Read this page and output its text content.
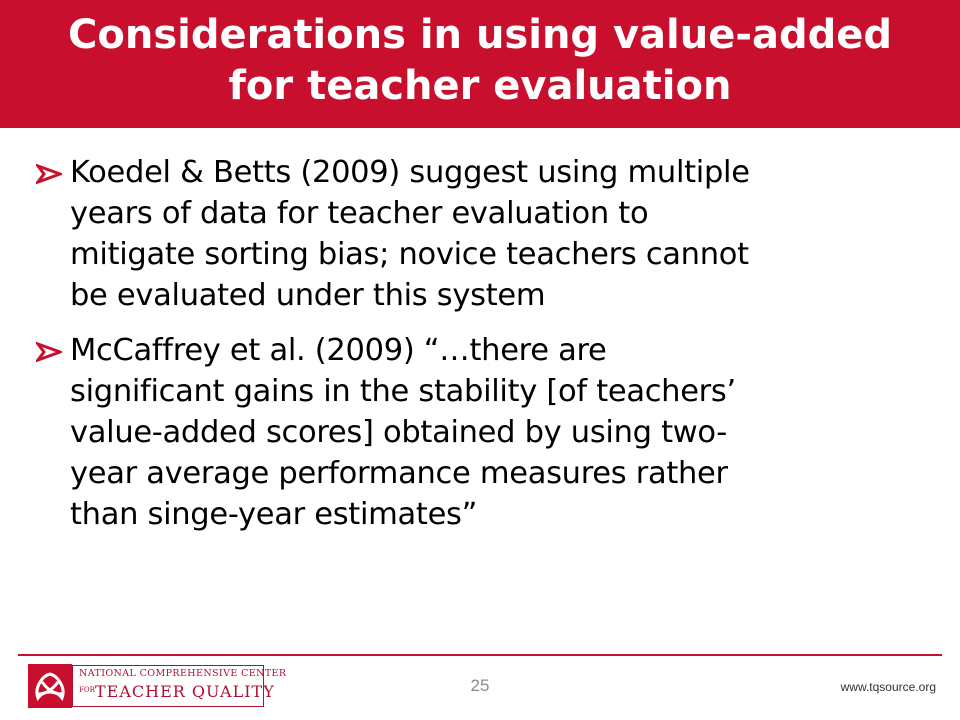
Considerations in using value-added
for teacher evaluation
Koedel & Betts (2009) suggest using multiple
years of data for teacher evaluation to
mitigate sorting bias; novice teachers cannot
be evaluated under this system
McCaffrey et al. (2009) “…there are
significant gains in the stability [of teachers’
value-added scores] obtained by using two-
year average performance measures rather
than singe-year estimates”
NATIONAL COMPREHENSIVE CENTER
FOR TEACHER QUALITY	25	www.tqsource.org
